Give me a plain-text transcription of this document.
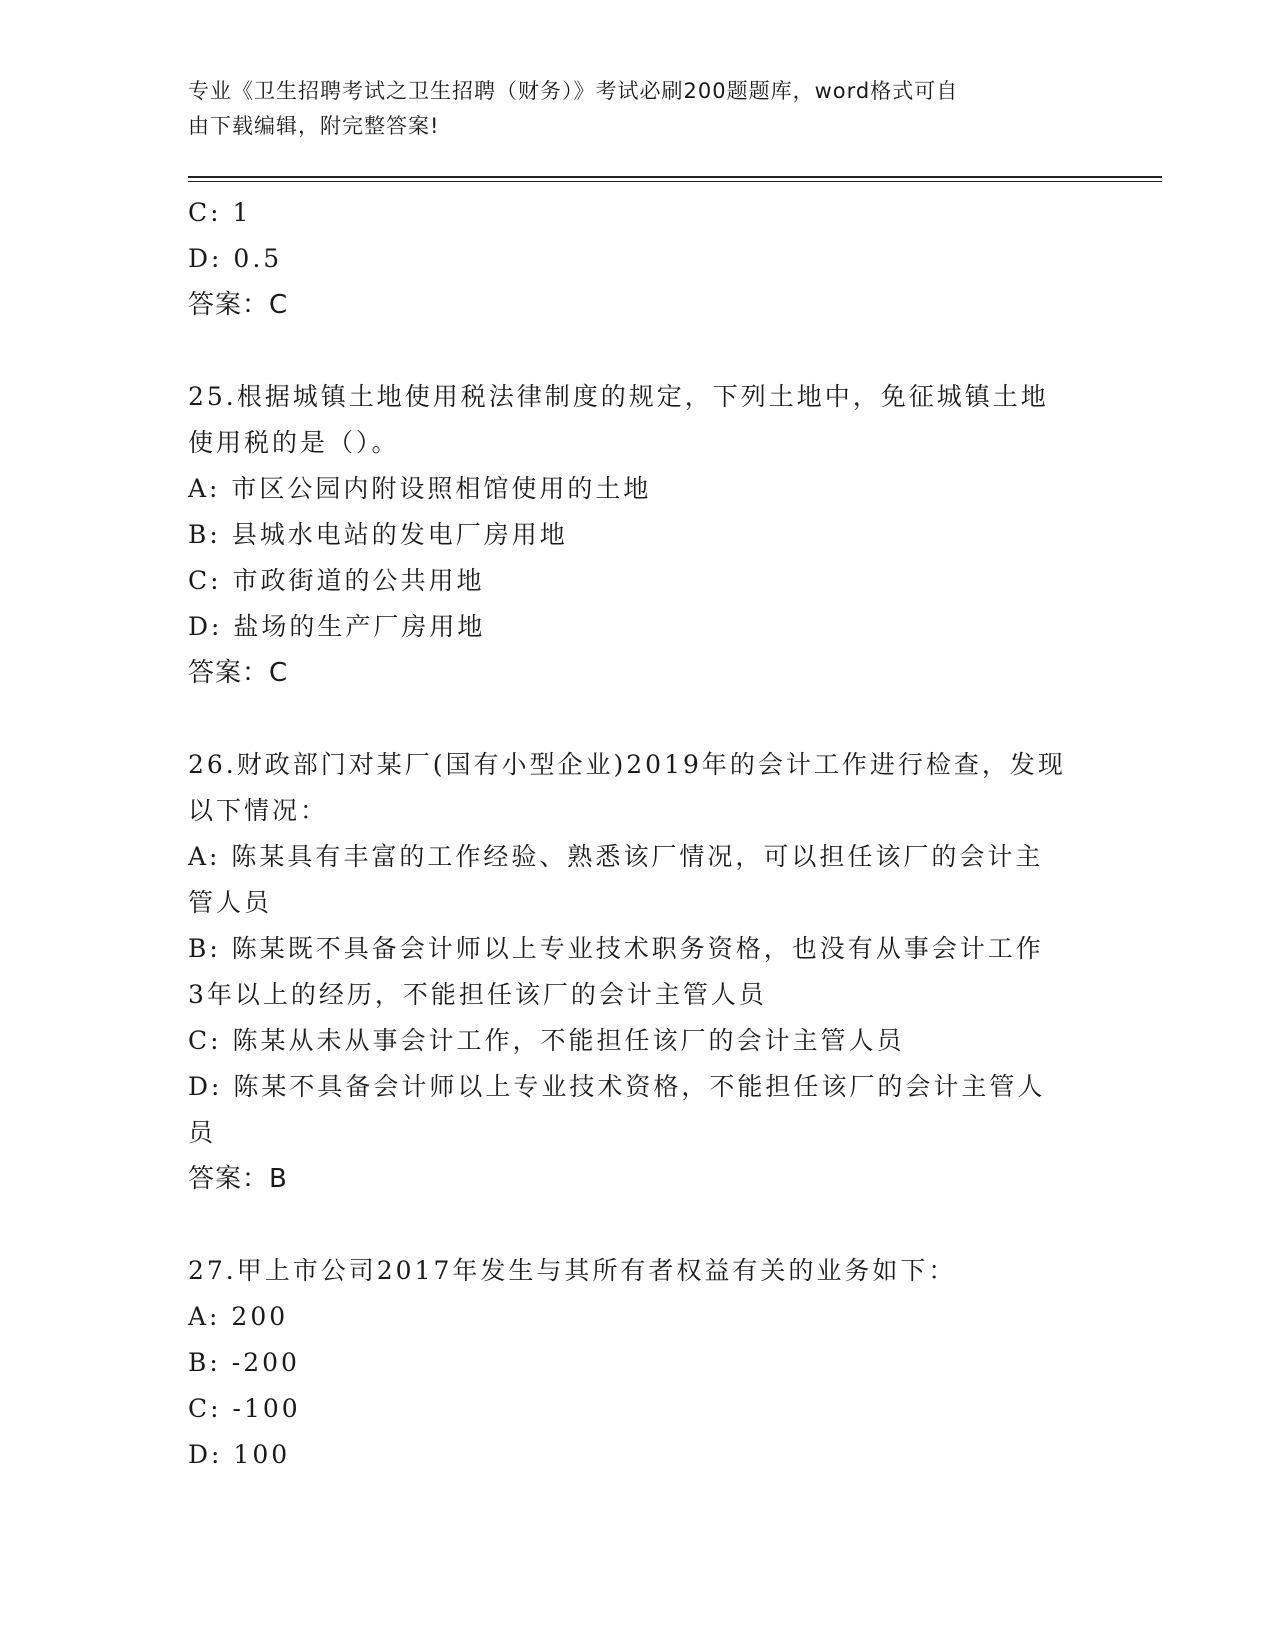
专业《卫生招聘考试之卫生招聘（财务）》考试必刷200题题库，word格式可自
由下载编辑，附完整答案!
C: 1
D: 0.5
答案：C
25.根据城镇土地使用税法律制度的规定，下列土地中，免征城镇土地
使用税的是（）。
A: 市区公园内附设照相馆使用的土地
B: 县城水电站的发电厂房用地
C: 市政街道的公共用地
D: 盐场的生产厂房用地
答案：C
26.财政部门对某厂(国有小型企业)2019年的会计工作进行检查，发现
以下情况：
A: 陈某具有丰富的工作经验、熟悉该厂情况，可以担任该厂的会计主
管人员
B: 陈某既不具备会计师以上专业技术职务资格，也没有从事会计工作
3年以上的经历，不能担任该厂的会计主管人员
C: 陈某从未从事会计工作，不能担任该厂的会计主管人员
D: 陈某不具备会计师以上专业技术资格，不能担任该厂的会计主管人
员
答案：B
27.甲上市公司2017年发生与其所有者权益有关的业务如下：
A: 200
B: -200
C: -100
D: 100
